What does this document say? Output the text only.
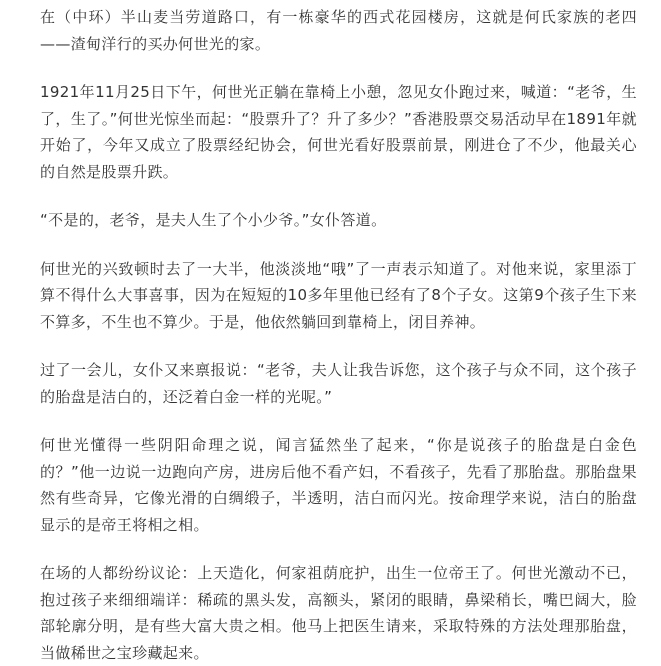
在（中环）半山麦当劳道路口，有一栋豪华的西式花园楼房，这就是何氏家族的老四——渣甸洋行的买办何世光的家。

1921年11月25日下午，何世光正躺在靠椅上小憩，忽见女仆跑过来，喊道：“老爷，生了，生了。”何世光惊坐而起：“股票升了？升了多少？”香港股票交易活动早在1891年就开始了，今年又成立了股票经纪协会，何世光看好股票前景，刚进仓了不少，他最关心的自然是股票升跌。

“不是的，老爷，是夫人生了个小少爷。”女仆答道。

何世光的兴致顿时去了一大半，他淡淡地“哦”了一声表示知道了。对他来说，家里添丁算不得什么大事喜事，因为在短短的10多年里他已经有了8个子女。这第9个孩子生下来不算多，不生也不算少。于是，他依然躺回到靠椅上，闭目养神。

过了一会儿，女仆又来禀报说：“老爷，夫人让我告诉您，这个孩子与众不同，这个孩子的胎盘是洁白的，还泛着白金一样的光呢。”

何世光懂得一些阴阳命理之说，闻言猛然坐了起来，“你是说孩子的胎盘是白金色的？”他一边说一边跑向产房，进房后他不看产妇，不看孩子，先看了那胎盘。那胎盘果然有些奇异，它像光滑的白绸缎子，半透明，洁白而闪光。按命理学来说，洁白的胎盘显示的是帝王将相之相。

在场的人都纷纷议论：上天造化，何家祖荫庇护，出生一位帝王了。何世光激动不已，抱过孩子来细细端详：稀疏的黑头发，高额头，紧闭的眼睛，鼻梁稍长，嘴巴阔大，脸部轮廓分明，是有些大富大贵之相。他马上把医生请来，采取特殊的方法处理那胎盘，当做稀世之宝珍藏起来。
